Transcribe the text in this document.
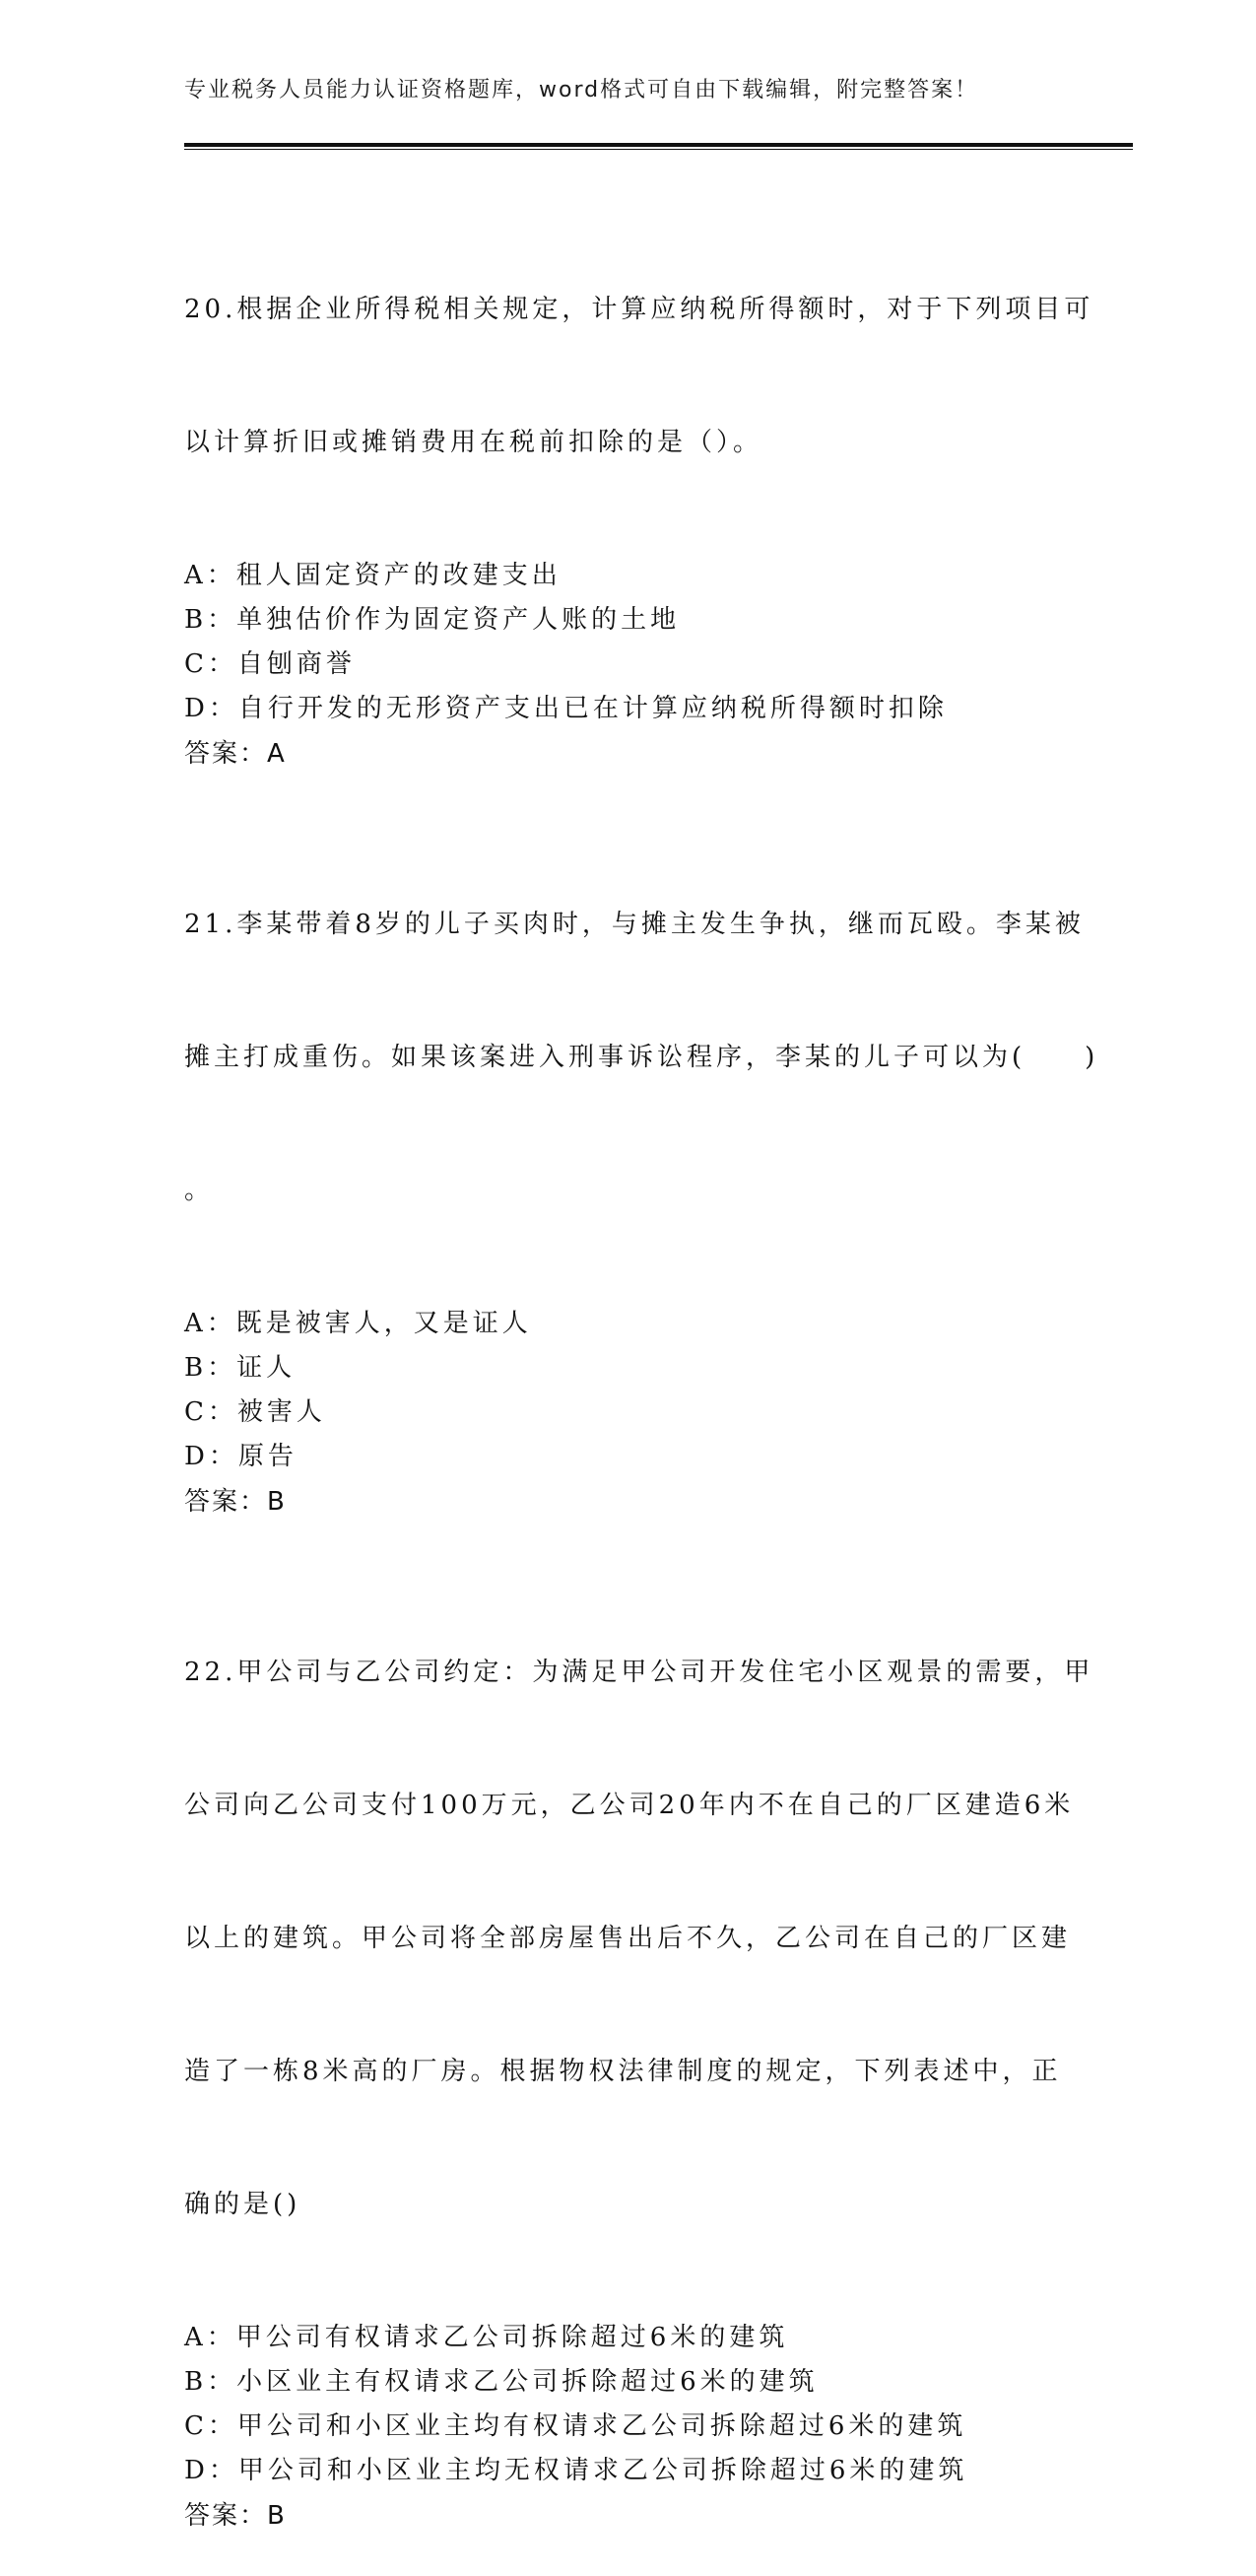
专业税务人员能力认证资格题库，word格式可自由下载编辑，附完整答案！

20.根据企业所得税相关规定，计算应纳税所得额时，对于下列项目可

以计算折旧或摊销费用在税前扣除的是（）。

A：租人固定资产的改建支出
B：单独估价作为固定资产人账的土地
C：自刨商誉
D：自行开发的无形资产支出已在计算应纳税所得额时扣除
答案：A

21.李某带着8岁的儿子买肉时，与摊主发生争执，继而瓦殴。李某被

摊主打成重伤。如果该案进入刑事诉讼程序，李某的儿子可以为(　　)

。

A：既是被害人，又是证人
B：证人
C：被害人
D：原告
答案：B

22.甲公司与乙公司约定：为满足甲公司开发住宅小区观景的需要，甲

公司向乙公司支付100万元，乙公司20年内不在自己的厂区建造6米

以上的建筑。甲公司将全部房屋售出后不久，乙公司在自己的厂区建

造了一栋8米高的厂房。根据物权法律制度的规定，下列表述中，正

确的是()

A：甲公司有权请求乙公司拆除超过6米的建筑
B：小区业主有权请求乙公司拆除超过6米的建筑
C：甲公司和小区业主均有权请求乙公司拆除超过6米的建筑
D：甲公司和小区业主均无权请求乙公司拆除超过6米的建筑
答案：B
